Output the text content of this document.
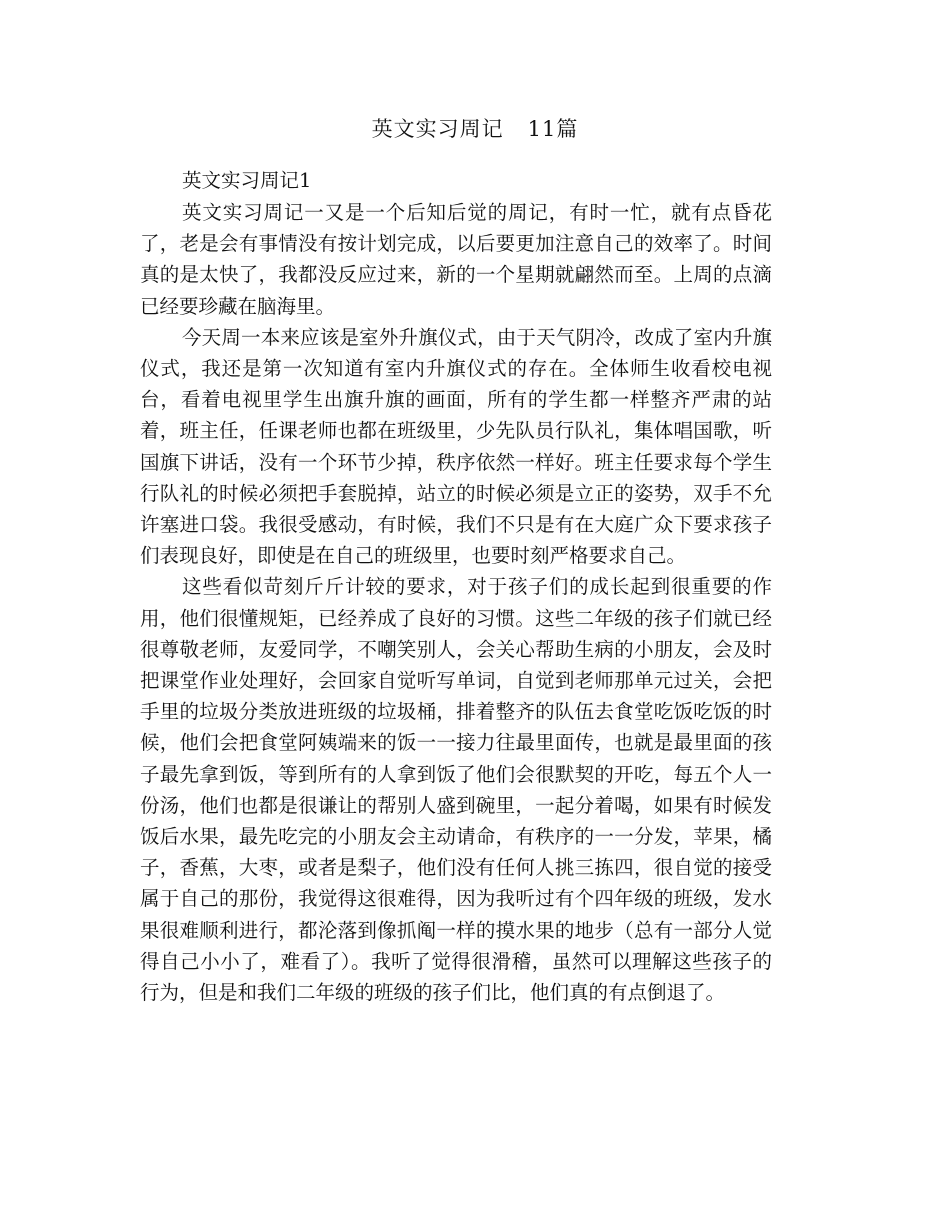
英文实习周记 11篇

英文实习周记1

英文实习周记一又是一个后知后觉的周记，有时一忙，就有点昏花了，老是会有事情没有按计划完成，以后要更加注意自己的效率了。时间真的是太快了，我都没反应过来，新的一个星期就翩然而至。上周的点滴已经要珍藏在脑海里。

今天周一本来应该是室外升旗仪式，由于天气阴冷，改成了室内升旗仪式，我还是第一次知道有室内升旗仪式的存在。全体师生收看校电视台，看着电视里学生出旗升旗的画面，所有的学生都一样整齐严肃的站着，班主任，任课老师也都在班级里，少先队员行队礼，集体唱国歌，听国旗下讲话，没有一个环节少掉，秩序依然一样好。班主任要求每个学生行队礼的时候必须把手套脱掉，站立的时候必须是立正的姿势，双手不允许塞进口袋。我很受感动，有时候，我们不只是有在大庭广众下要求孩子们表现良好，即使是在自己的班级里，也要时刻严格要求自己。

这些看似苛刻斤斤计较的要求，对于孩子们的成长起到很重要的作用，他们很懂规矩，已经养成了良好的习惯。这些二年级的孩子们就已经很尊敬老师，友爱同学，不嘲笑别人，会关心帮助生病的小朋友，会及时把课堂作业处理好，会回家自觉听写单词，自觉到老师那单元过关，会把手里的垃圾分类放进班级的垃圾桶，排着整齐的队伍去食堂吃饭吃饭的时候，他们会把食堂阿姨端来的饭一一接力往最里面传，也就是最里面的孩子最先拿到饭，等到所有的人拿到饭了他们会很默契的开吃，每五个人一份汤，他们也都是很谦让的帮别人盛到碗里，一起分着喝，如果有时候发饭后水果，最先吃完的小朋友会主动请命，有秩序的一一分发，苹果，橘子，香蕉，大枣，或者是梨子，他们没有任何人挑三拣四，很自觉的接受属于自己的那份，我觉得这很难得，因为我听过有个四年级的班级，发水果很难顺利进行，都沦落到像抓阄一样的摸水果的地步（总有一部分人觉得自己小小了，难看了）。我听了觉得很滑稽，虽然可以理解这些孩子的行为，但是和我们二年级的班级的孩子们比，他们真的有点倒退了。
